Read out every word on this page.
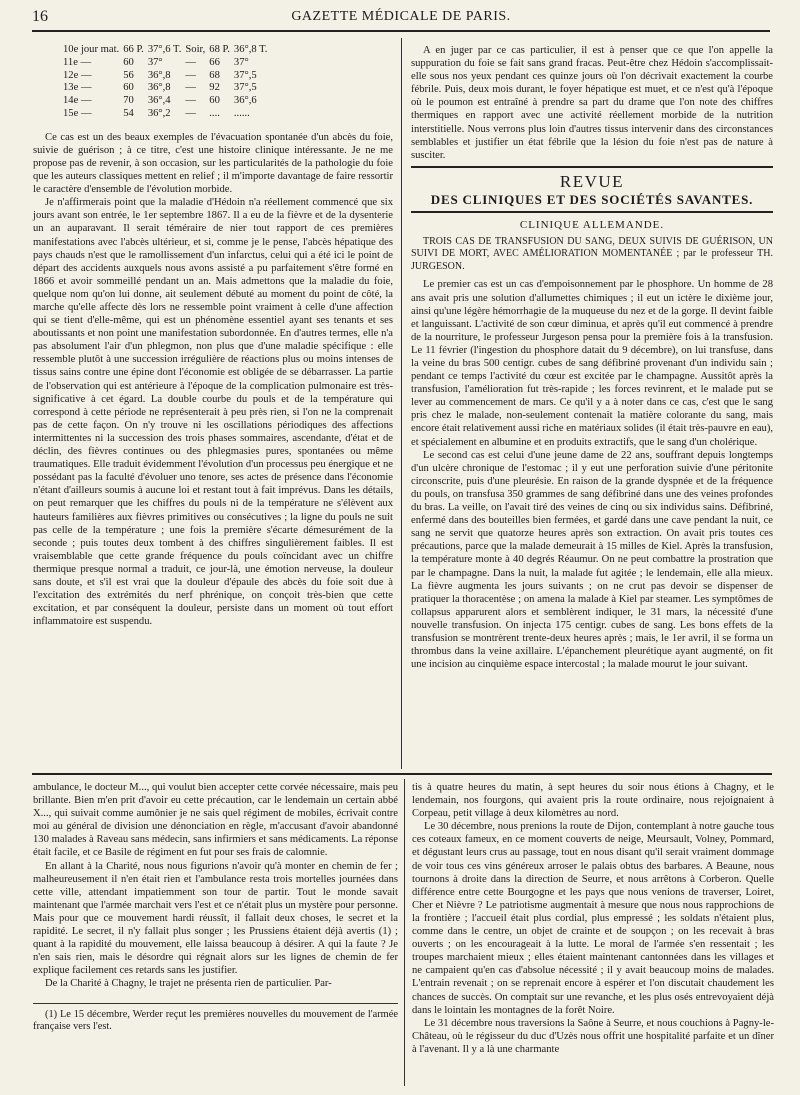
16	GAZETTE MÉDICALE DE PARIS.
10e jour mat.	66 P.	37°,6 T.	Soir,	68 P.	36°,8 T.
11e —	60	37°	—	66	37°
12e —	56	36°,8	—	68	37°,5
13e —	60	36°,8	—	92	37°,5
14e —	70	36°,4	—	60	36°,6
15e —	54	36°,2	—	....	......

Ce cas est un des beaux exemples de l'évacuation spontanée d'un abcès du foie, suivie de guérison ; à ce titre, c'est une histoire clinique intéressante. Je ne me propose pas de revenir, à son occasion, sur les particularités de la pathologie du foie que les auteurs classiques mettent en relief ; il m'importe davantage de faire ressortir le caractère d'ensemble de l'évolution morbide.

Je n'affirmerais point que la maladie d'Hédoin n'a réellement commencé que six jours avant son entrée, le 1er septembre 1867. Il a eu de la fièvre et de la dysenterie un an auparavant. Il serait téméraire de nier tout rapport de ces premières manifestations avec l'abcès ultérieur, et si, comme je le pense, l'abcès hépatique des pays chauds n'est que le ramollissement d'un infarctus, celui qui a été ici le point de départ des accidents auxquels nous avons assisté a pu parfaitement s'être formé en 1866 et avoir sommeillé pendant un an. Mais admettons que la maladie du foie, quelque nom qu'on lui donne, ait seulement débuté au moment du point de côté, la marche qu'elle affecte dès lors ne ressemble point vraiment à celle d'une affection qui se tient d'elle-même, qui est un phénomène essentiel ayant ses tenants et ses aboutissants et non point une manifestation subordonnée. En d'autres termes, elle n'a pas absolument l'air d'un phlegmon, non plus que d'une maladie spécifique : elle ressemble plutôt à une succession irrégulière de réactions plus ou moins intenses de tissus sains contre une épine dont l'économie est obligée de se débarrasser. La partie de l'observation qui est antérieure à l'époque de la complication pulmonaire est très-significative à cet égard. La double courbe du pouls et de la température qui correspond à cette période ne représenterait à peu près rien, si l'on ne la comprenait pas de cette façon. On n'y trouve ni les oscillations périodiques des affections intermittentes ni la succession des trois phases sommaires, ascendante, d'état et de déclin, des fièvres continues ou des phlegmasies pures, spontanées ou même traumatiques. Elle traduit évidemment l'évolution d'un processus peu énergique et ne possédant pas la faculté d'évoluer uno tenore, ses actes de présence dans l'économie n'étant d'ailleurs soumis à aucune loi et restant tout à fait imprévus. Dans les détails, on peut remarquer que les chiffres du pouls ni de la température ne s'élèvent aux hauteurs familières aux fièvres primitives ou consécutives ; la ligne du pouls ne suit pas celle de la température ; une fois la première s'écarte démesurément de la seconde ; puis toutes deux tombent à des chiffres singulièrement faibles. Il est vraisemblable que cette grande fréquence du pouls coïncidant avec un chiffre thermique presque normal a traduit, ce jour-là, une émotion nerveuse, la douleur sans doute, et s'il est vrai que la douleur d'épaule des abcès du foie soit due à l'excitation des extrémités du nerf phrénique, on conçoit très-bien que cette excitation, et par conséquent la douleur, persiste dans un moment où tout effort inflammatoire est suspendu.

A en juger par ce cas particulier, il est à penser que ce que l'on appelle la suppuration du foie se fait sans grand fracas. Peut-être chez Hédoin s'accomplissait-elle sous nos yeux pendant ces quinze jours où l'on décrivait exactement la courbe fébrile. Puis, deux mois durant, le foyer hépatique est muet, et ce n'est qu'à l'époque où le poumon est entraîné à prendre sa part du drame que l'on note des chiffres thermiques en rapport avec une activité réellement morbide de la nutrition interstitielle. Nous verrons plus loin d'autres tissus intervenir dans des circonstances semblables et justifier un état fébrile que la lésion du foie n'est pas de nature à susciter.

REVUE
DES CLINIQUES ET DES SOCIÉTÉS SAVANTES.
CLINIQUE ALLEMANDE.
TROIS CAS DE TRANSFUSION DU SANG, DEUX SUIVIS DE GUÉRISON, UN SUIVI DE MORT, AVEC AMÉLIORATION MOMENTANÉE ; par le professeur TH. JURGESON.

Le premier cas est un cas d'empoisonnement par le phosphore. Un homme de 28 ans avait pris une solution d'allumettes chimiques ; il eut un ictère le dixième jour, ainsi qu'une légère hémorrhagie de la muqueuse du nez et de la gorge. Il devint faible et languissant. L'activité de son cœur diminua, et après qu'il eut commencé à prendre de la nourriture, le professeur Jurgeson pensa pour la première fois à la transfusion. Le 11 février (l'ingestion du phosphore datait du 9 décembre), on lui transfuse, dans la veine du bras 500 centigr. cubes de sang défibriné provenant d'un individu sain ; pendant ce temps l'activité du cœur est excitée par le champagne. Aussitôt après la transfusion, l'amélioration fut très-rapide ; les forces revinrent, et le malade put se lever au commencement de mars. Ce qu'il y a à noter dans ce cas, c'est que le sang pris chez le malade, non-seulement contenait la matière colorante du sang, mais encore était relativement aussi riche en matériaux solides (il était très-pauvre en eau), et spécialement en albumine et en produits extractifs, que le sang d'un cholérique.

Le second cas est celui d'une jeune dame de 22 ans, souffrant depuis longtemps d'un ulcère chronique de l'estomac ; il y eut une perforation suivie d'une péritonite circonscrite, puis d'une pleurésie. En raison de la grande dyspnée et de la fréquence du pouls, on transfusa 350 grammes de sang défibriné dans une des veines profondes du bras. La veille, on l'avait tiré des veines de cinq ou six individus sains. Défibriné, enfermé dans des bouteilles bien fermées, et gardé dans une cave pendant la nuit, ce sang ne servit que quatorze heures après son extraction. On avait pris toutes ces précautions, parce que la malade demeurait à 15 milles de Kiel. Après la transfusion, la température monte à 40 degrés Réaumur. On ne peut combattre la prostration que par le champagne. Dans la nuit, la malade fut agitée ; le lendemain, elle alla mieux. La fièvre augmenta les jours suivants ; on ne crut pas devoir se dispenser de pratiquer la thoracentèse ; on amena la malade à Kiel par steamer. Les symptômes de collapsus apparurent alors et semblèrent indiquer, le 31 mars, la nécessité d'une nouvelle transfusion. On injecta 175 centigr. cubes de sang. Les bons effets de la transfusion se montrèrent trente-deux heures après ; mais, le 1er avril, il se forma un thrombus dans la veine axillaire. L'épanchement pleurétique ayant augmenté, on fit une incision au cinquième espace intercostal ; la malade mourut le jour suivant.

ambulance, le docteur M..., qui voulut bien accepter cette corvée nécessaire, mais peu brillante. Bien m'en prit d'avoir eu cette précaution, car le lendemain un certain abbé X..., qui suivait comme aumônier je ne sais quel régiment de mobiles, écrivait contre moi au général de division une dénonciation en règle, m'accusant d'avoir abandonné 130 malades à Raveau sans médecin, sans infirmiers et sans médicaments. La réponse était facile, et ce Basile de régiment en fut pour ses frais de calomnie.

En allant à la Charité, nous nous figurions n'avoir qu'à monter en chemin de fer ; malheureusement il n'en était rien et l'ambulance resta trois mortelles journées dans cette ville, attendant impatiemment son tour de partir. Tout le monde savait maintenant que l'armée marchait vers l'est et ce n'était plus un mystère pour personne. Mais pour que ce mouvement hardi réussît, il fallait deux choses, le secret et la rapidité. Le secret, il n'y fallait plus songer ; les Prussiens étaient déjà avertis (1) ; quant à la rapidité du mouvement, elle laissa beaucoup à désirer. A qui la faute ? Je n'en sais rien, mais le désordre qui régnait alors sur les lignes de chemin de fer explique facilement ces retards sans les justifier.

De la Charité à Chagny, le trajet ne présenta rien de particulier. Par-

(1) Le 15 décembre, Werder reçut les premières nouvelles du mouvement de l'armée française vers l'est.

tis à quatre heures du matin, à sept heures du soir nous étions à Chagny, et le lendemain, nos fourgons, qui avaient pris la route ordinaire, nous rejoignaient à Corpeau, petit village à deux kilomètres au nord.

Le 30 décembre, nous prenions la route de Dijon, contemplant à notre gauche tous ces coteaux fameux, en ce moment couverts de neige, Meursault, Volney, Pommard, et dégustant leurs crus au passage, tout en nous disant qu'il serait vraiment dommage de voir tous ces vins généreux arroser le palais obtus des barbares. A Beaune, nous tournons à droite dans la direction de Seurre, et nous arrêtons à Corberon. Quelle différence entre cette Bourgogne et les pays que nous venions de traverser, Loiret, Cher et Nièvre ? Le patriotisme augmentait à mesure que nous nous rapprochions de la frontière ; l'accueil était plus cordial, plus empressé ; les soldats n'étaient plus, comme dans le centre, un objet de crainte et de soupçon ; on les recevait à bras ouverts ; on les encourageait à la lutte. Le moral de l'armée s'en ressentait ; les troupes marchaient mieux ; elles étaient maintenant cantonnées dans les villages et ne campaient qu'en cas d'absolue nécessité ; il y avait beaucoup moins de malades. L'entrain revenait ; on se reprenait encore à espérer et l'on discutait chaudement les chances de succès. On comptait sur une revanche, et les plus osés entrevoyaient déjà dans le lointain les montagnes de la forêt Noire.

Le 31 décembre nous traversions la Saône à Seurre, et nous couchions à Pagny-le-Château, où le régisseur du duc d'Uzès nous offrit une hospitalité parfaite et un dîner à l'avenant. Il y a là une charmante
